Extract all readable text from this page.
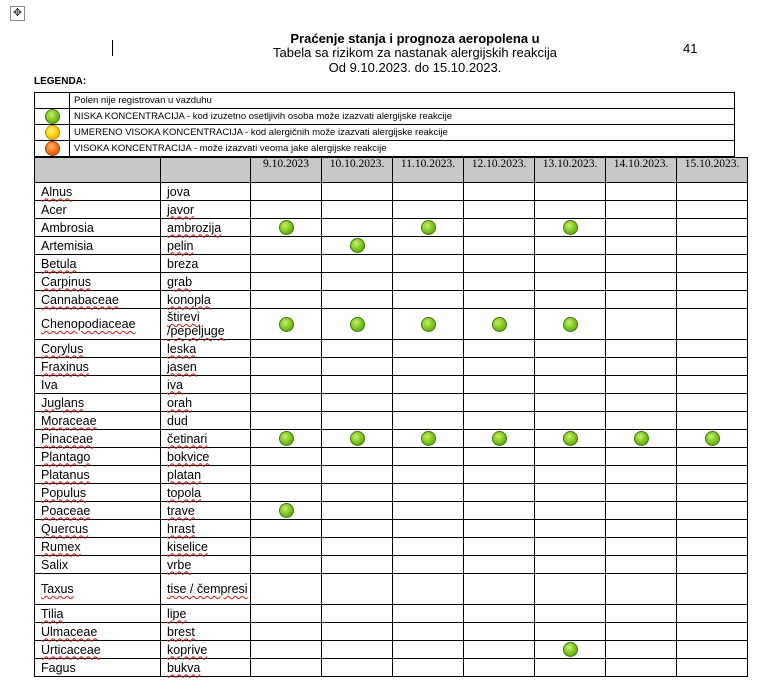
✥
Praćenje stanja i prognoza aeropolena u
Tabela sa rizikom za nastanak alergijskih reakcija
Od 9.10.2023. do 15.10.2023.
41
LEGENDA:
	Polen nije registrovan u vazduhu
	NISKA KONCENTRACIJA - kod izuzetno osetljivih osoba može izazvati alergijske reakcije
	UMERENO VISOKA KONCENTRACIJA - kod alergičnih može izazvati alergijske reakcije
	VISOKA KONCENTRACIJA - može izazvati veoma jake alergijske reakcije
		9.10.2023	10.10.2023.	11.10.2023.	12.10.2023.	13.10.2023.	14.10.2023.	15.10.2023.
Alnus	jova							
Acer	javor							
Ambrosia	ambrozija							
Artemisia	pelin							
Betula	breza							
Carpinus	grab							
Cannabaceae	konopla							
Chenopodiaceae	štirevi /pepeljuge							
Corylus	leska							
Fraxinus	jasen							
Iva	iva							
Juglans	orah							
Moraceae	dud							
Pinaceae	četinari							
Plantago	bokvice							
Platanus	platan							
Populus	topola							
Poaceae	trave							
Quercus	hrast							
Rumex	kiselice							
Salix	vrbe							
Taxus	tise / čempresi							
Tilia	lipe							
Ulmaceae	brest							
Urticaceae	koprive							
Fagus	bukva							
